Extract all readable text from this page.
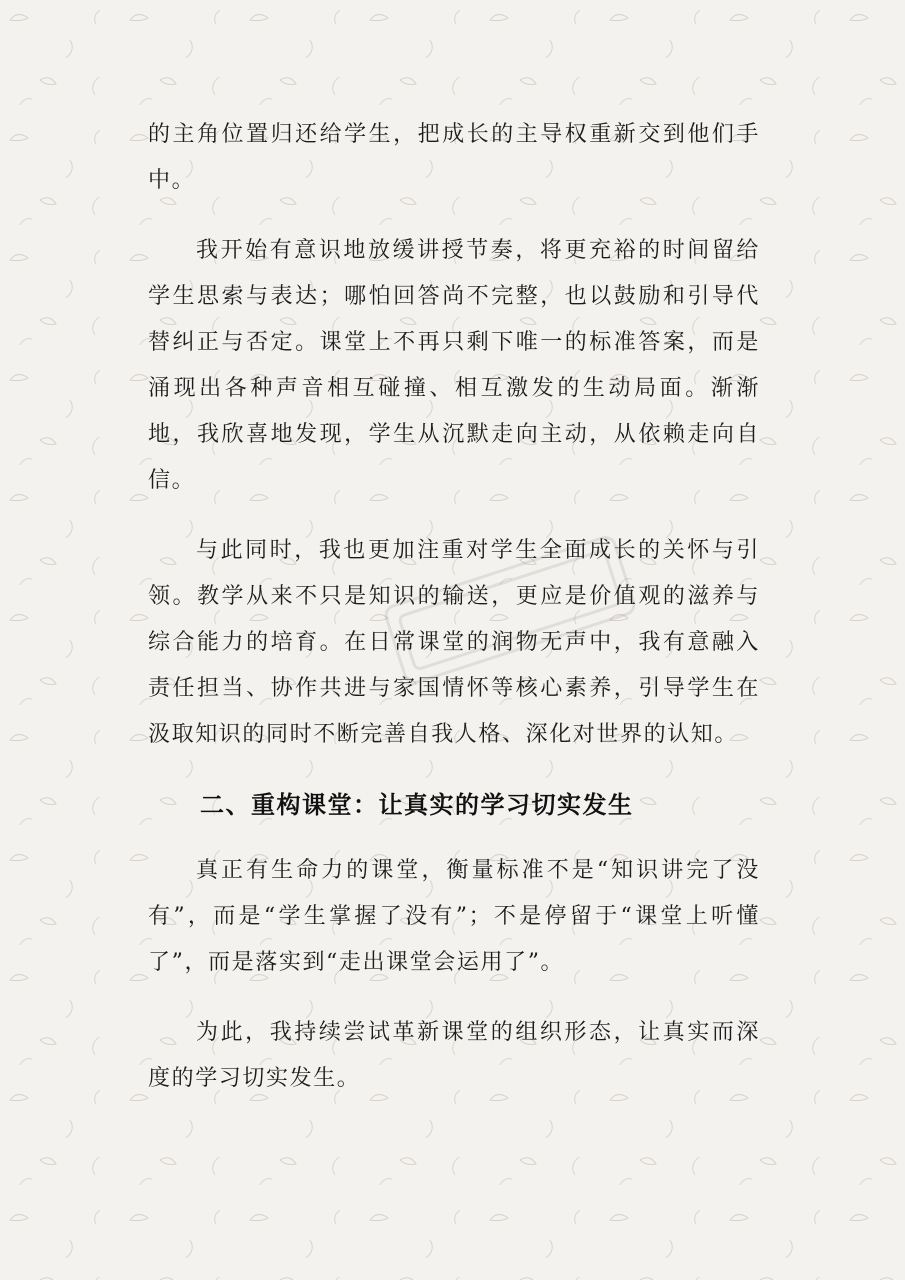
的主角位置归还给学生，把成长的主导权重新交到他们手中。

我开始有意识地放缓讲授节奏，将更充裕的时间留给学生思索与表达；哪怕回答尚不完整，也以鼓励和引导代替纠正与否定。课堂上不再只剩下唯一的标准答案，而是涌现出各种声音相互碰撞、相互激发的生动局面。渐渐地，我欣喜地发现，学生从沉默走向主动，从依赖走向自信。

与此同时，我也更加注重对学生全面成长的关怀与引领。教学从来不只是知识的输送，更应是价值观的滋养与综合能力的培育。在日常课堂的润物无声中，我有意融入责任担当、协作共进与家国情怀等核心素养，引导学生在汲取知识的同时不断完善自我人格、深化对世界的认知。

二、重构课堂：让真实的学习切实发生

真正有生命力的课堂，衡量标准不是“知识讲完了没有”，而是“学生掌握了没有”；不是停留于“课堂上听懂了”，而是落实到“走出课堂会运用了”。

为此，我持续尝试革新课堂的组织形态，让真实而深度的学习切实发生。
